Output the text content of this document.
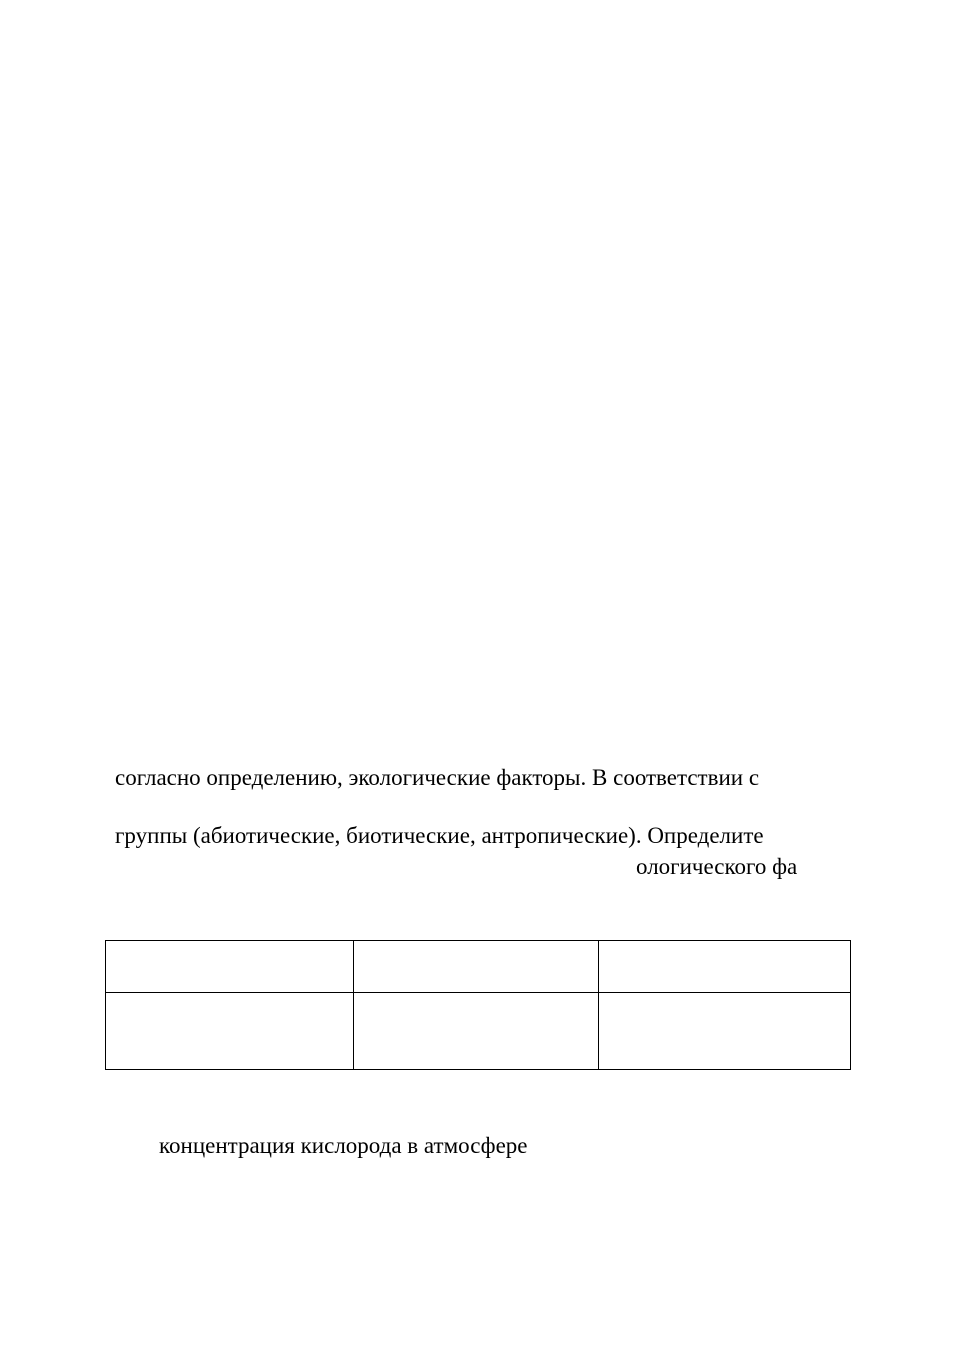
согласно определению, экологические факторы. В соответствии с
группы (абиотические, биотические, антропические). Определите
ологического фа

концентрация кислорода в атмосфере
